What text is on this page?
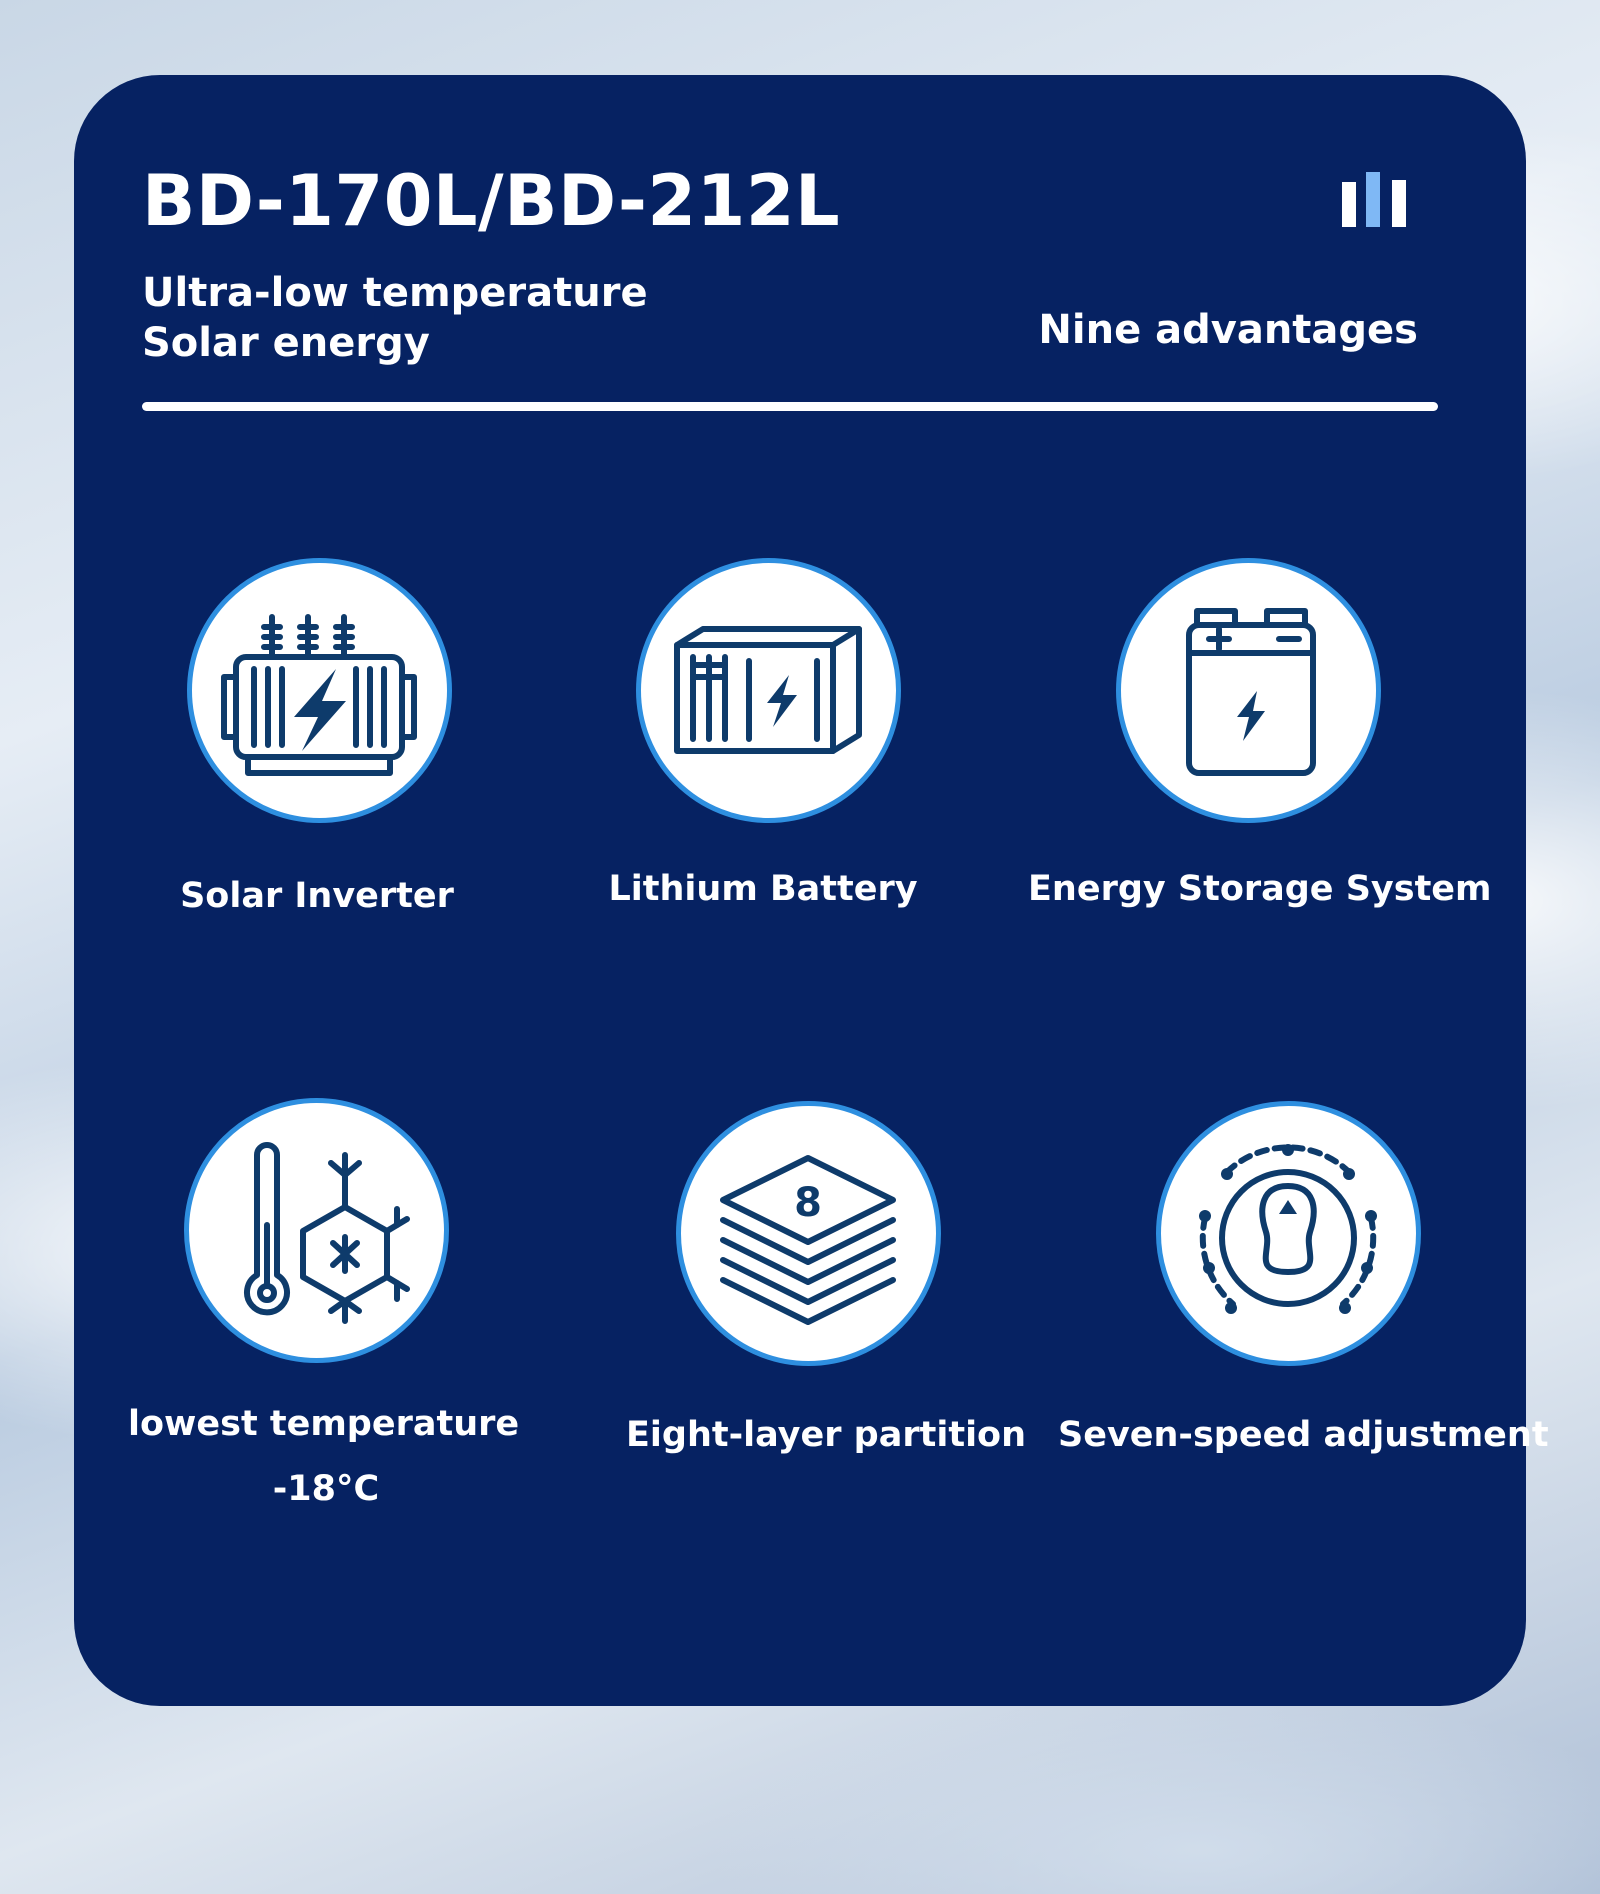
BD-170L/BD-212L
Ultra-low temperature
Solar energy	Nine advantages
Solar Inverter	Lithium Battery	Energy Storage System
lowest temperature
-18°C
8
Eight-layer partition Seven-speed adjustment
